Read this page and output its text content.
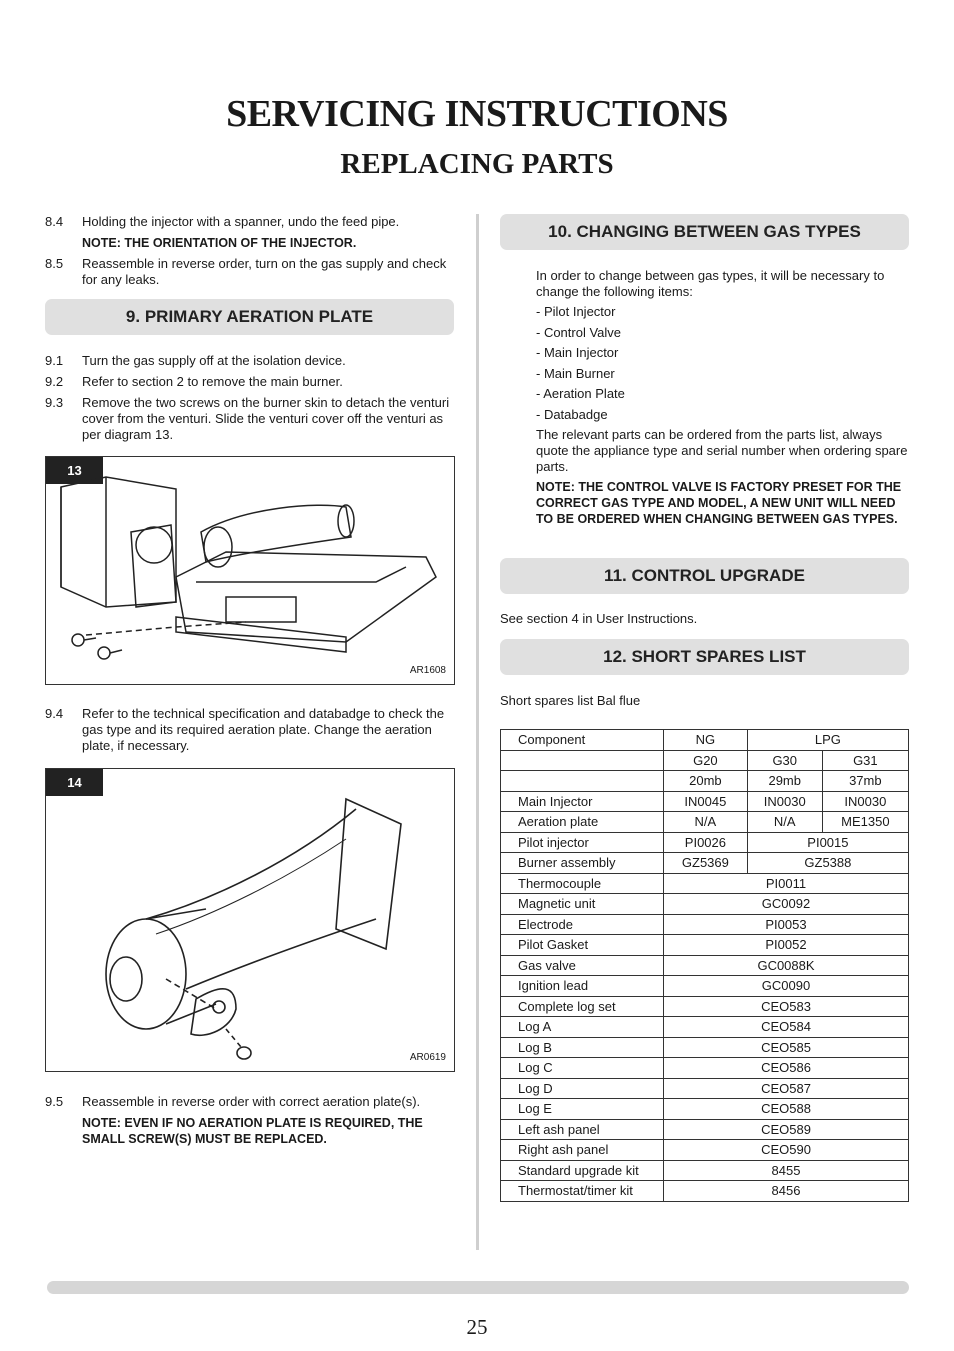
SERVICING INSTRUCTIONS
REPLACING PARTS
8.4	Holding the injector with a spanner, undo the feed pipe.
NOTE: THE ORIENTATION OF THE INJECTOR.
8.5	Reassemble in reverse order, turn on the gas supply and check for any leaks.
9. PRIMARY AERATION PLATE
9.1	Turn the gas supply off at the isolation device.
9.2	Refer to section 2 to remove the main burner.
9.3	Remove the two screws on the burner skin to detach the venturi cover from the venturi. Slide the venturi cover off the venturi as per diagram 13.
13
AR1608
9.4	Refer to the technical specification and databadge to check the gas type and its required aeration plate. Change the aeration plate, if necessary.
14
AR0619
9.5	Reassemble in reverse order with correct aeration plate(s).
NOTE: EVEN IF NO AERATION PLATE IS REQUIRED, THE SMALL SCREW(S) MUST BE REPLACED.
10. CHANGING BETWEEN GAS TYPES

In order to change between gas types, it will be necessary to change the following items:

- Pilot Injector
- Control Valve
- Main Injector
- Main Burner
- Aeration Plate
- Databadge

The relevant parts can be ordered from the parts list, always quote the appliance type and serial number when ordering spare parts.

NOTE: THE CONTROL VALVE IS FACTORY PRESET FOR THE CORRECT GAS TYPE AND MODEL, A NEW UNIT WILL NEED TO BE ORDERED WHEN CHANGING BETWEEN GAS TYPES.

11. CONTROL UPGRADE
See section 4 in User Instructions.
12. SHORT SPARES LIST
Short spares list Bal flue
Component	NG	LPG	
	G20	G30	G31
	20mb	29mb	37mb
Main Injector	IN0045	IN0030	IN0030
Aeration plate	N/A	N/A	ME1350
Pilot injector	PI0026	PI0015	
Burner assembly	GZ5369	GZ5388	
Thermocouple	PI0011		
Magnetic unit	GC0092		
Electrode	PI0053		
Pilot Gasket	PI0052		
Gas valve	GC0088K		
Ignition lead	GC0090		
Complete log set	CEO583		
Log A	CEO584		
Log B	CEO585		
Log C	CEO586		
Log D	CEO587		
Log E	CEO588		
Left ash panel	CEO589		
Right ash panel	CEO590		
Standard upgrade kit	8455		
Thermostat/timer kit	8456		
25
